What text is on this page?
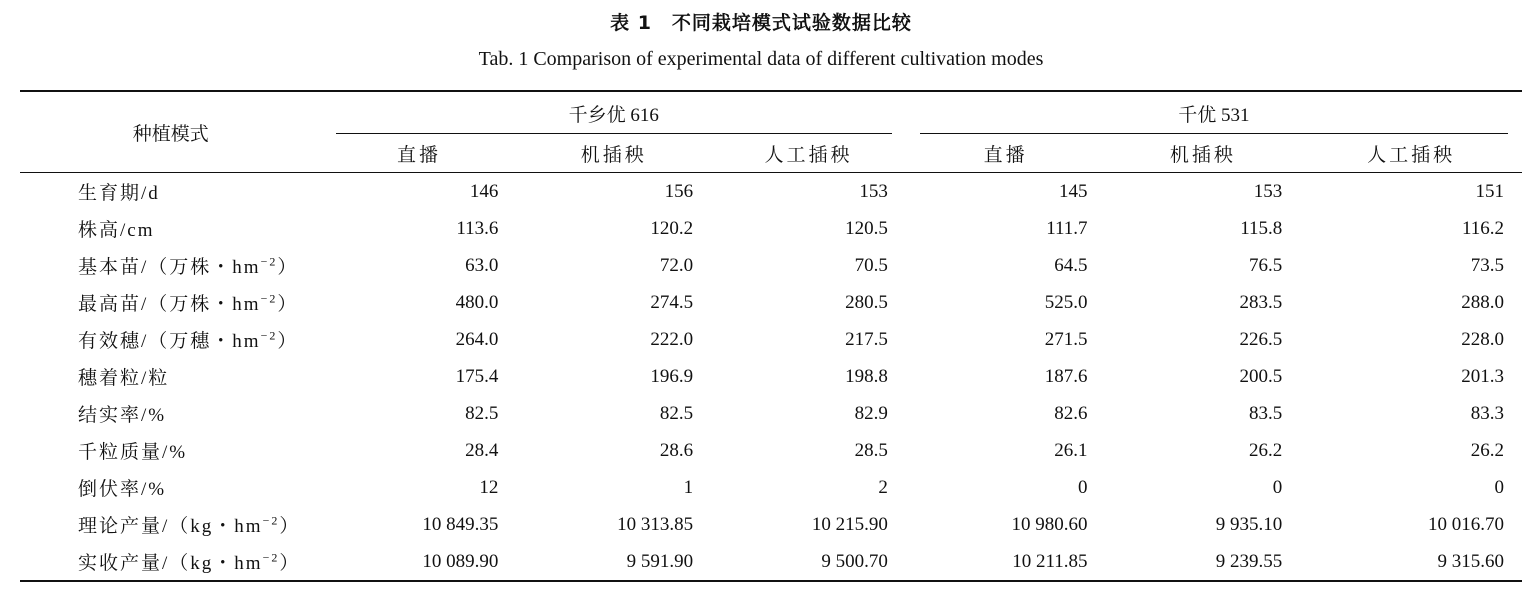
表 1　不同栽培模式试验数据比较
Tab. 1 Comparison of experimental data of different cultivation modes
种植模式	千乡优 616			千优 531		
	直播	机插秧	人工插秧	直播	机插秧	人工插秧
生育期/d	146	156	153	145	153	151
株高/cm	113.6	120.2	120.5	111.7	115.8	116.2
基本苗/（万株・$hm^{-2}$）	63.0	72.0	70.5	64.5	76.5	73.5
最高苗/（万株・$hm^{-2}$）	480.0	274.5	280.5	525.0	283.5	288.0
有效穗/（万穗・$hm^{-2}$）	264.0	222.0	217.5	271.5	226.5	228.0
穗着粒/粒	175.4	196.9	198.8	187.6	200.5	201.3
结实率/%	82.5	82.5	82.9	82.6	83.5	83.3
千粒质量/%	28.4	28.6	28.5	26.1	26.2	26.2
倒伏率/%	12	1	2	0	0	0
理论产量/（kg・$hm^{-2}$）	10 849.35	10 313.85	10 215.90	10 980.60	9 935.10	10 016.70
实收产量/（kg・$hm^{-2}$）	10 089.90	9 591.90	9 500.70	10 211.85	9 239.55	9 315.60
